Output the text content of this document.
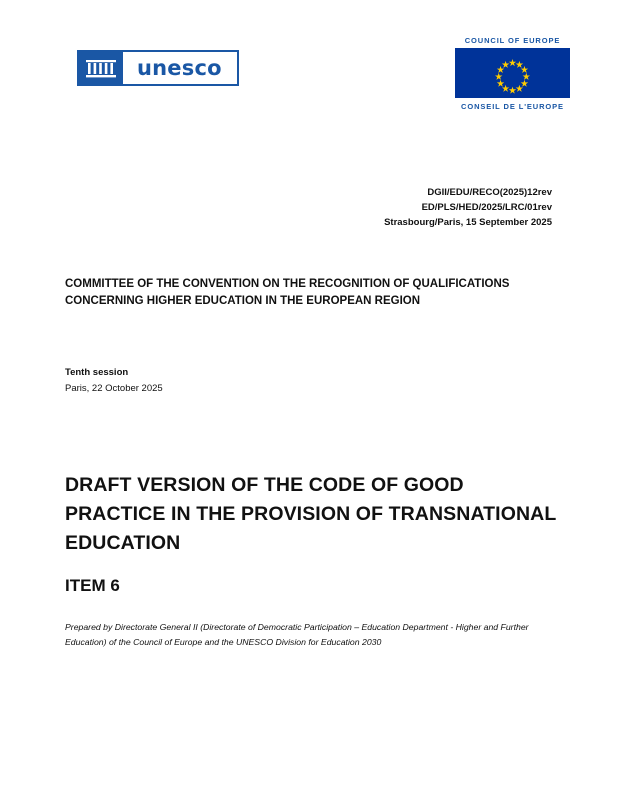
unesco
COUNCIL OF EUROPE
CONSEIL DE L'EUROPE
DGII/EDU/RECO(2025)12rev
ED/PLS/HED/2025/LRC/01rev
Strasbourg/Paris, 15 September 2025
COMMITTEE OF THE CONVENTION ON THE RECOGNITION OF QUALIFICATIONS CONCERNING HIGHER EDUCATION IN THE EUROPEAN REGION
Tenth session
Paris, 22 October 2025
DRAFT VERSION OF THE CODE OF GOOD PRACTICE IN THE PROVISION OF TRANSNATIONAL EDUCATION
ITEM 6
Prepared by Directorate General II (Directorate of Democratic Participation – Education Department - Higher and Further Education) of the Council of Europe and the UNESCO Division for Education 2030
